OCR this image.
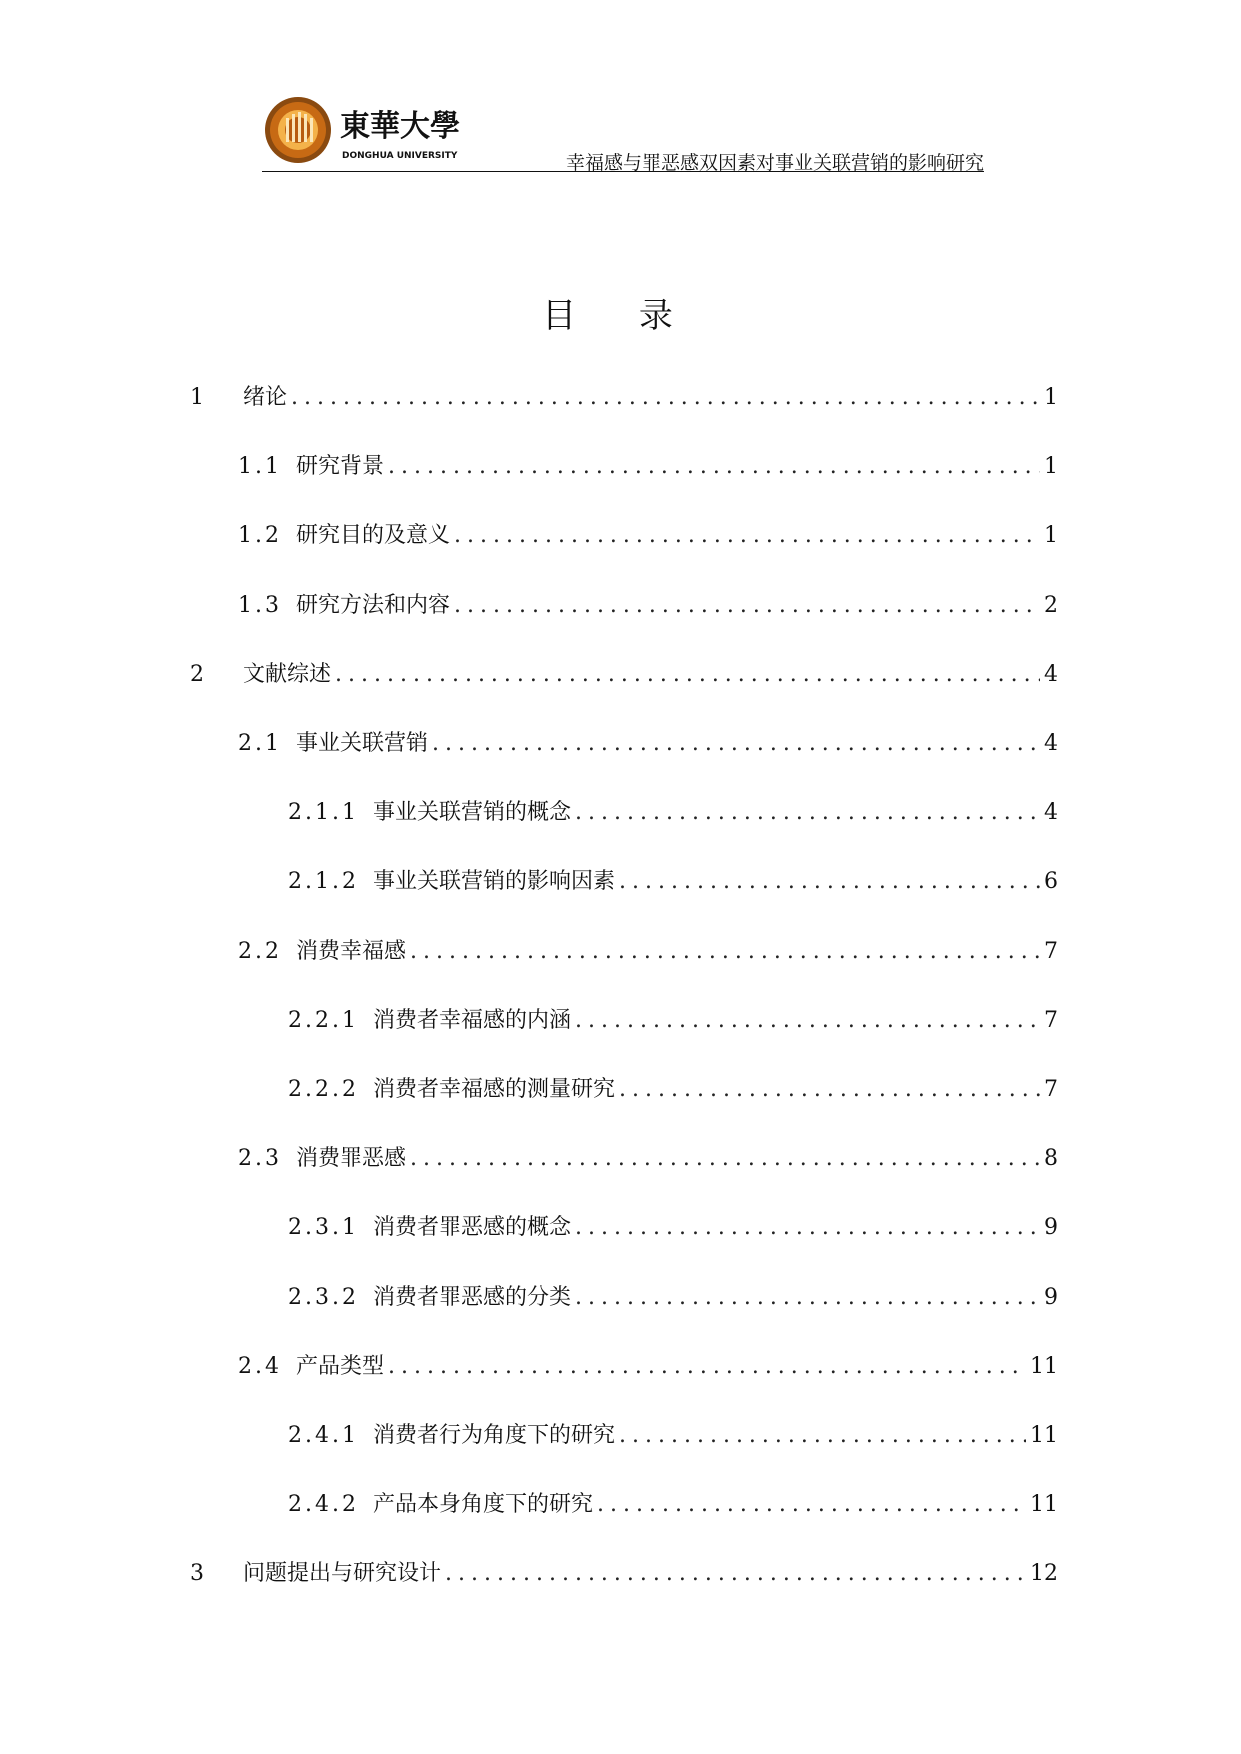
東華大學
DONGHUA UNIVERSITY	幸福感与罪恶感双因素对事业关联营销的影响研究
目 录
1 绪论 .....	1
1.1 研究背景 .....	1
1.2 研究目的及意义 .....	1
1.3 研究方法和内容 .....	2
2 文献综述 .....	4
2.1 事业关联营销 .....	4
2.1.1 事业关联营销的概念 .....	4
2.1.2 事业关联营销的影响因素 .....	6
2.2 消费幸福感 .....	7
2.2.1 消费者幸福感的内涵 .....	7
2.2.2 消费者幸福感的测量研究 .....	7
2.3 消费罪恶感 .....	8
2.3.1 消费者罪恶感的概念 .....	9
2.3.2 消费者罪恶感的分类 .....	9
2.4 产品类型 .....	11
2.4.1 消费者行为角度下的研究 .....	11
2.4.2 产品本身角度下的研究 .....	11
3 问题提出与研究设计 .....	12
